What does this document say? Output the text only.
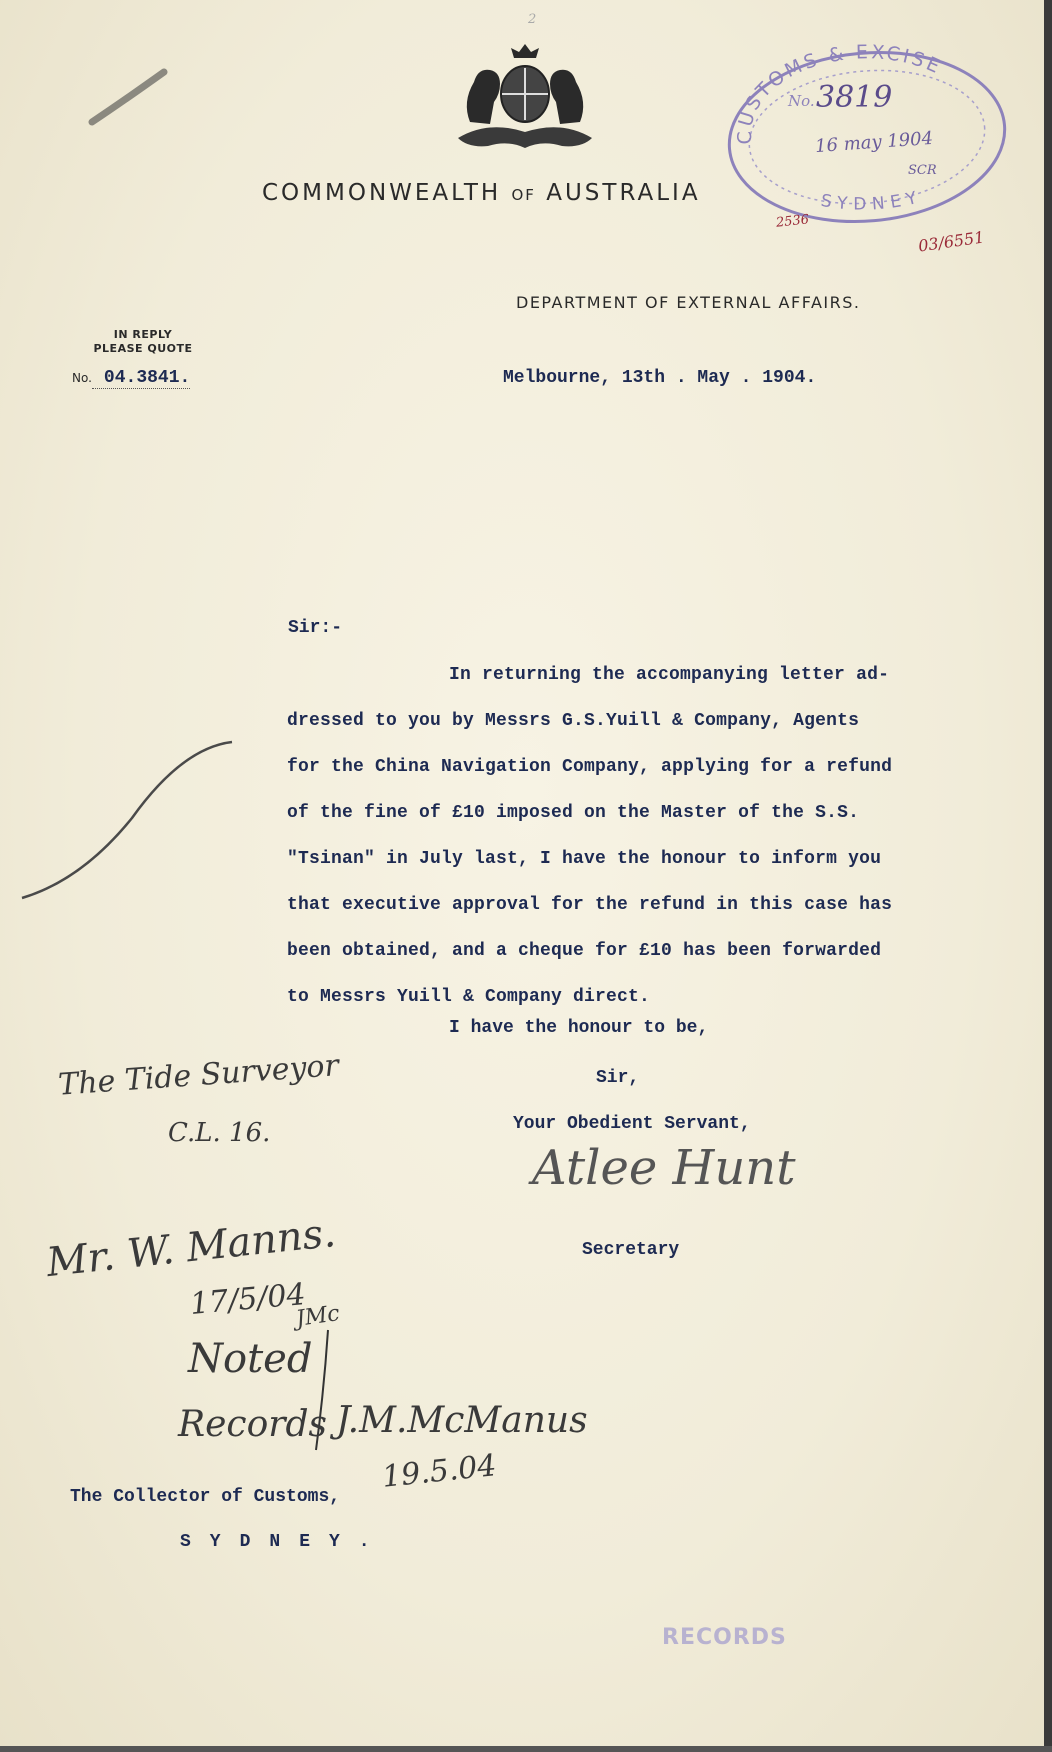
COMMONWEALTH OF AUSTRALIA
DEPARTMENT OF EXTERNAL AFFAIRS.
IN REPLY
PLEASE QUOTE
No. 04.3841.	Melbourne, 13th . May . 1904.
Sir:-
In returning the accompanying letter ad-
dressed to you by Messrs G.S.Yuill & Company, Agents
for the China Navigation Company, applying for a refund
of the fine of £10 imposed on the Master of the S.S.
"Tsinan" in July last, I have the honour to inform you
that executive approval for the refund in this case has
been obtained, and a cheque for £10 has been forwarded
to Messrs Yuill & Company direct.
I have the honour to be,
Sir,
Your Obedient Servant,
Secretary
Atlee Hunt
The Collector of Customs,
SYDNEY.
CUSTOMS & EXCISE
SYDNEY
No.
SCR
3819
16 may 1904
03/6551
2536
2
The Tide Surveyor
C.L. 16.
Mr. W. Manns.
17/5/04
JMc
Noted
Records J.M.McManus
19.5.04
RECORDS
